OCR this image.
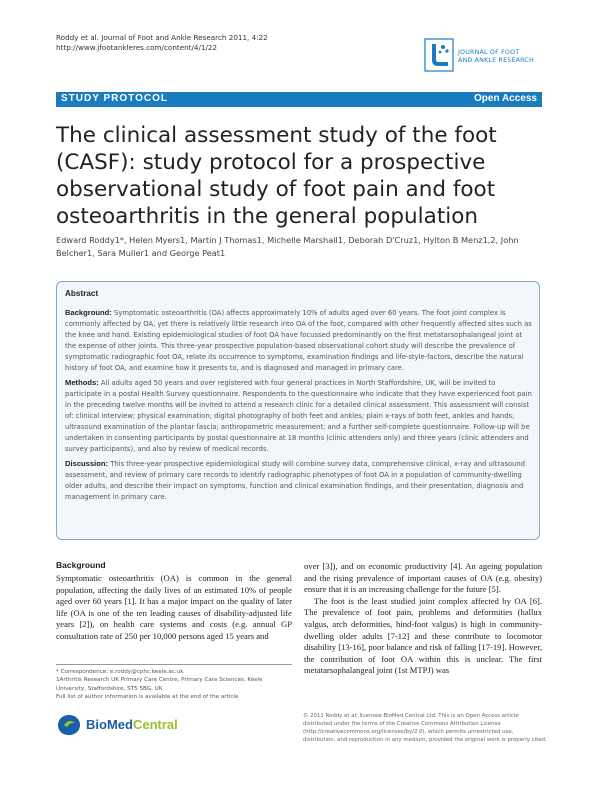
Roddy et al. Journal of Foot and Ankle Research 2011, 4:22
http://www.jfootankleres.com/content/4/1/22
JOURNAL OF FOOT
AND ANKLE RESEARCH
STUDY PROTOCOL	Open Access
The clinical assessment study of the foot (CASF): study protocol for a prospective observational study of foot pain and foot osteoarthritis in the general population
Edward Roddy1*, Helen Myers1, Martin J Thomas1, Michelle Marshall1, Deborah D'Cruz1, Hylton B Menz1,2, John Belcher1, Sara Muller1 and George Peat1
Abstract

Background: Symptomatic osteoarthritis (OA) affects approximately 10% of adults aged over 60 years. The foot joint complex is commonly affected by OA, yet there is relatively little research into OA of the foot, compared with other frequently affected sites such as the knee and hand. Existing epidemiological studies of foot OA have focussed predominantly on the first metatarsophalangeal joint at the expense of other joints. This three-year prospective population-based observational cohort study will describe the prevalence of symptomatic radiographic foot OA, relate its occurrence to symptoms, examination findings and life-style-factors, describe the natural history of foot OA, and examine how it presents to, and is diagnosed and managed in primary care.

Methods: All adults aged 50 years and over registered with four general practices in North Staffordshire, UK, will be invited to participate in a postal Health Survey questionnaire. Respondents to the questionnaire who indicate that they have experienced foot pain in the preceding twelve months will be invited to attend a research clinic for a detailed clinical assessment. This assessment will consist of: clinical interview; physical examination; digital photography of both feet and ankles; plain x-rays of both feet, ankles and hands; ultrasound examination of the plantar fascia; anthropometric measurement; and a further self-complete questionnaire. Follow-up will be undertaken in consenting participants by postal questionnaire at 18 months (clinic attenders only) and three years (clinic attenders and survey participants), and also by review of medical records.

Discussion: This three-year prospective epidemiological study will combine survey data, comprehensive clinical, x-ray and ultrasound assessment, and review of primary care records to identify radiographic phenotypes of foot OA in a population of community-dwelling older adults, and describe their impact on symptoms, function and clinical examination findings, and their presentation, diagnosis and management in primary care.

Background

Symptomatic osteoarthritis (OA) is common in the general population, affecting the daily lives of an estimated 10% of people aged over 60 years [1]. It has a major impact on the quality of later life (OA is one of the ten leading causes of disability-adjusted life years [2]), on health care systems and costs (e.g. annual GP consultation rate of 250 per 10,000 persons aged 15 years and

over [3]), and on economic productivity [4]. An ageing population and the rising prevalence of important causes of OA (e.g. obesity) ensure that it is an increasing challenge for the future [5].

The foot is the least studied joint complex affected by OA [6]. The prevalence of foot pain, problems and deformities (hallux valgus, arch deformities, hind-foot valgus) is high in community-dwelling older adults [7-12] and these contribute to locomotor disability [13-16], poor balance and risk of falling [17-19]. However, the contribution of foot OA within this is unclear. The first metatarsophalangeal joint (1st MTPJ) was

* Correspondence: e.roddy@cphc.keele.ac.uk
1Arthritis Research UK Primary Care Centre, Primary Care Sciences, Keele University, Staffordshire, ST5 5BG, UK
Full list of author information is available at the end of the article
BioMedCentral
© 2011 Roddy et al; licensee BioMed Central Ltd. This is an Open Access article distributed under the terms of the Creative Commons Attribution License (http://creativecommons.org/licenses/by/2.0), which permits unrestricted use, distribution, and reproduction in any medium, provided the original work is properly cited.
